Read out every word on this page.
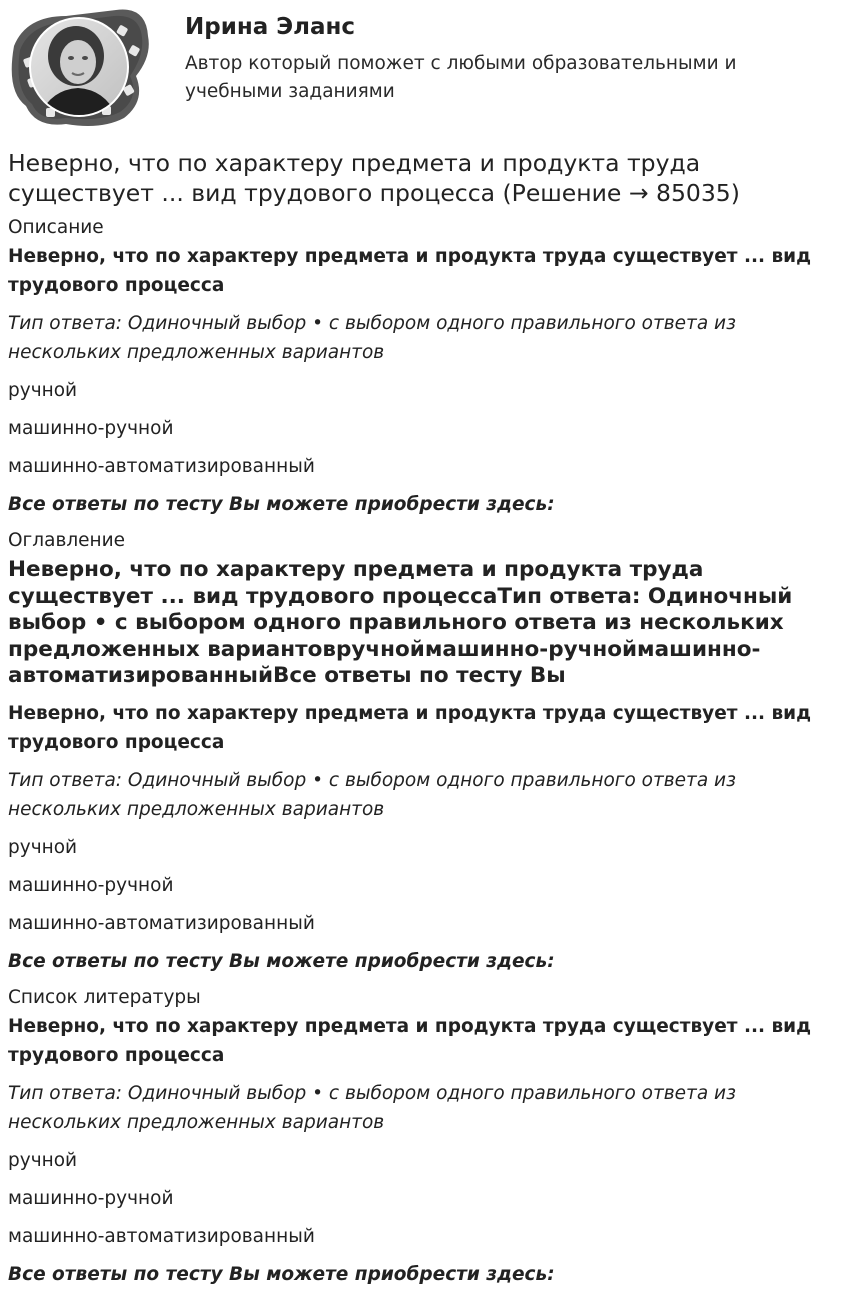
Ирина Эланс

Автор который поможет с любыми образовательными и учебными заданиями

Неверно, что по характеру предмета и продукта труда существует ... вид трудового процесса (Решение → 85035)

Описание

Неверно, что по характеру предмета и продукта труда существует ... вид трудового процесса

Тип ответа: Одиночный выбор • с выбором одного правильного ответа из нескольких предложенных вариантов

ручной

машинно-ручной

машинно-автоматизированный

Все ответы по тесту Вы можете приобрести здесь:

Оглавление

Неверно, что по характеру предмета и продукта труда существует ... вид трудового процессаТип ответа: Одиночный выбор • с выбором одного правильного ответа из нескольких предложенных вариантовручноймашинно-ручноймашинно-автоматизированныйВсе ответы по тесту Вы

Неверно, что по характеру предмета и продукта труда существует ... вид трудового процесса

Тип ответа: Одиночный выбор • с выбором одного правильного ответа из нескольких предложенных вариантов

ручной

машинно-ручной

машинно-автоматизированный

Все ответы по тесту Вы можете приобрести здесь:

Список литературы

Неверно, что по характеру предмета и продукта труда существует ... вид трудового процесса

Тип ответа: Одиночный выбор • с выбором одного правильного ответа из нескольких предложенных вариантов

ручной

машинно-ручной

машинно-автоматизированный

Все ответы по тесту Вы можете приобрести здесь:
